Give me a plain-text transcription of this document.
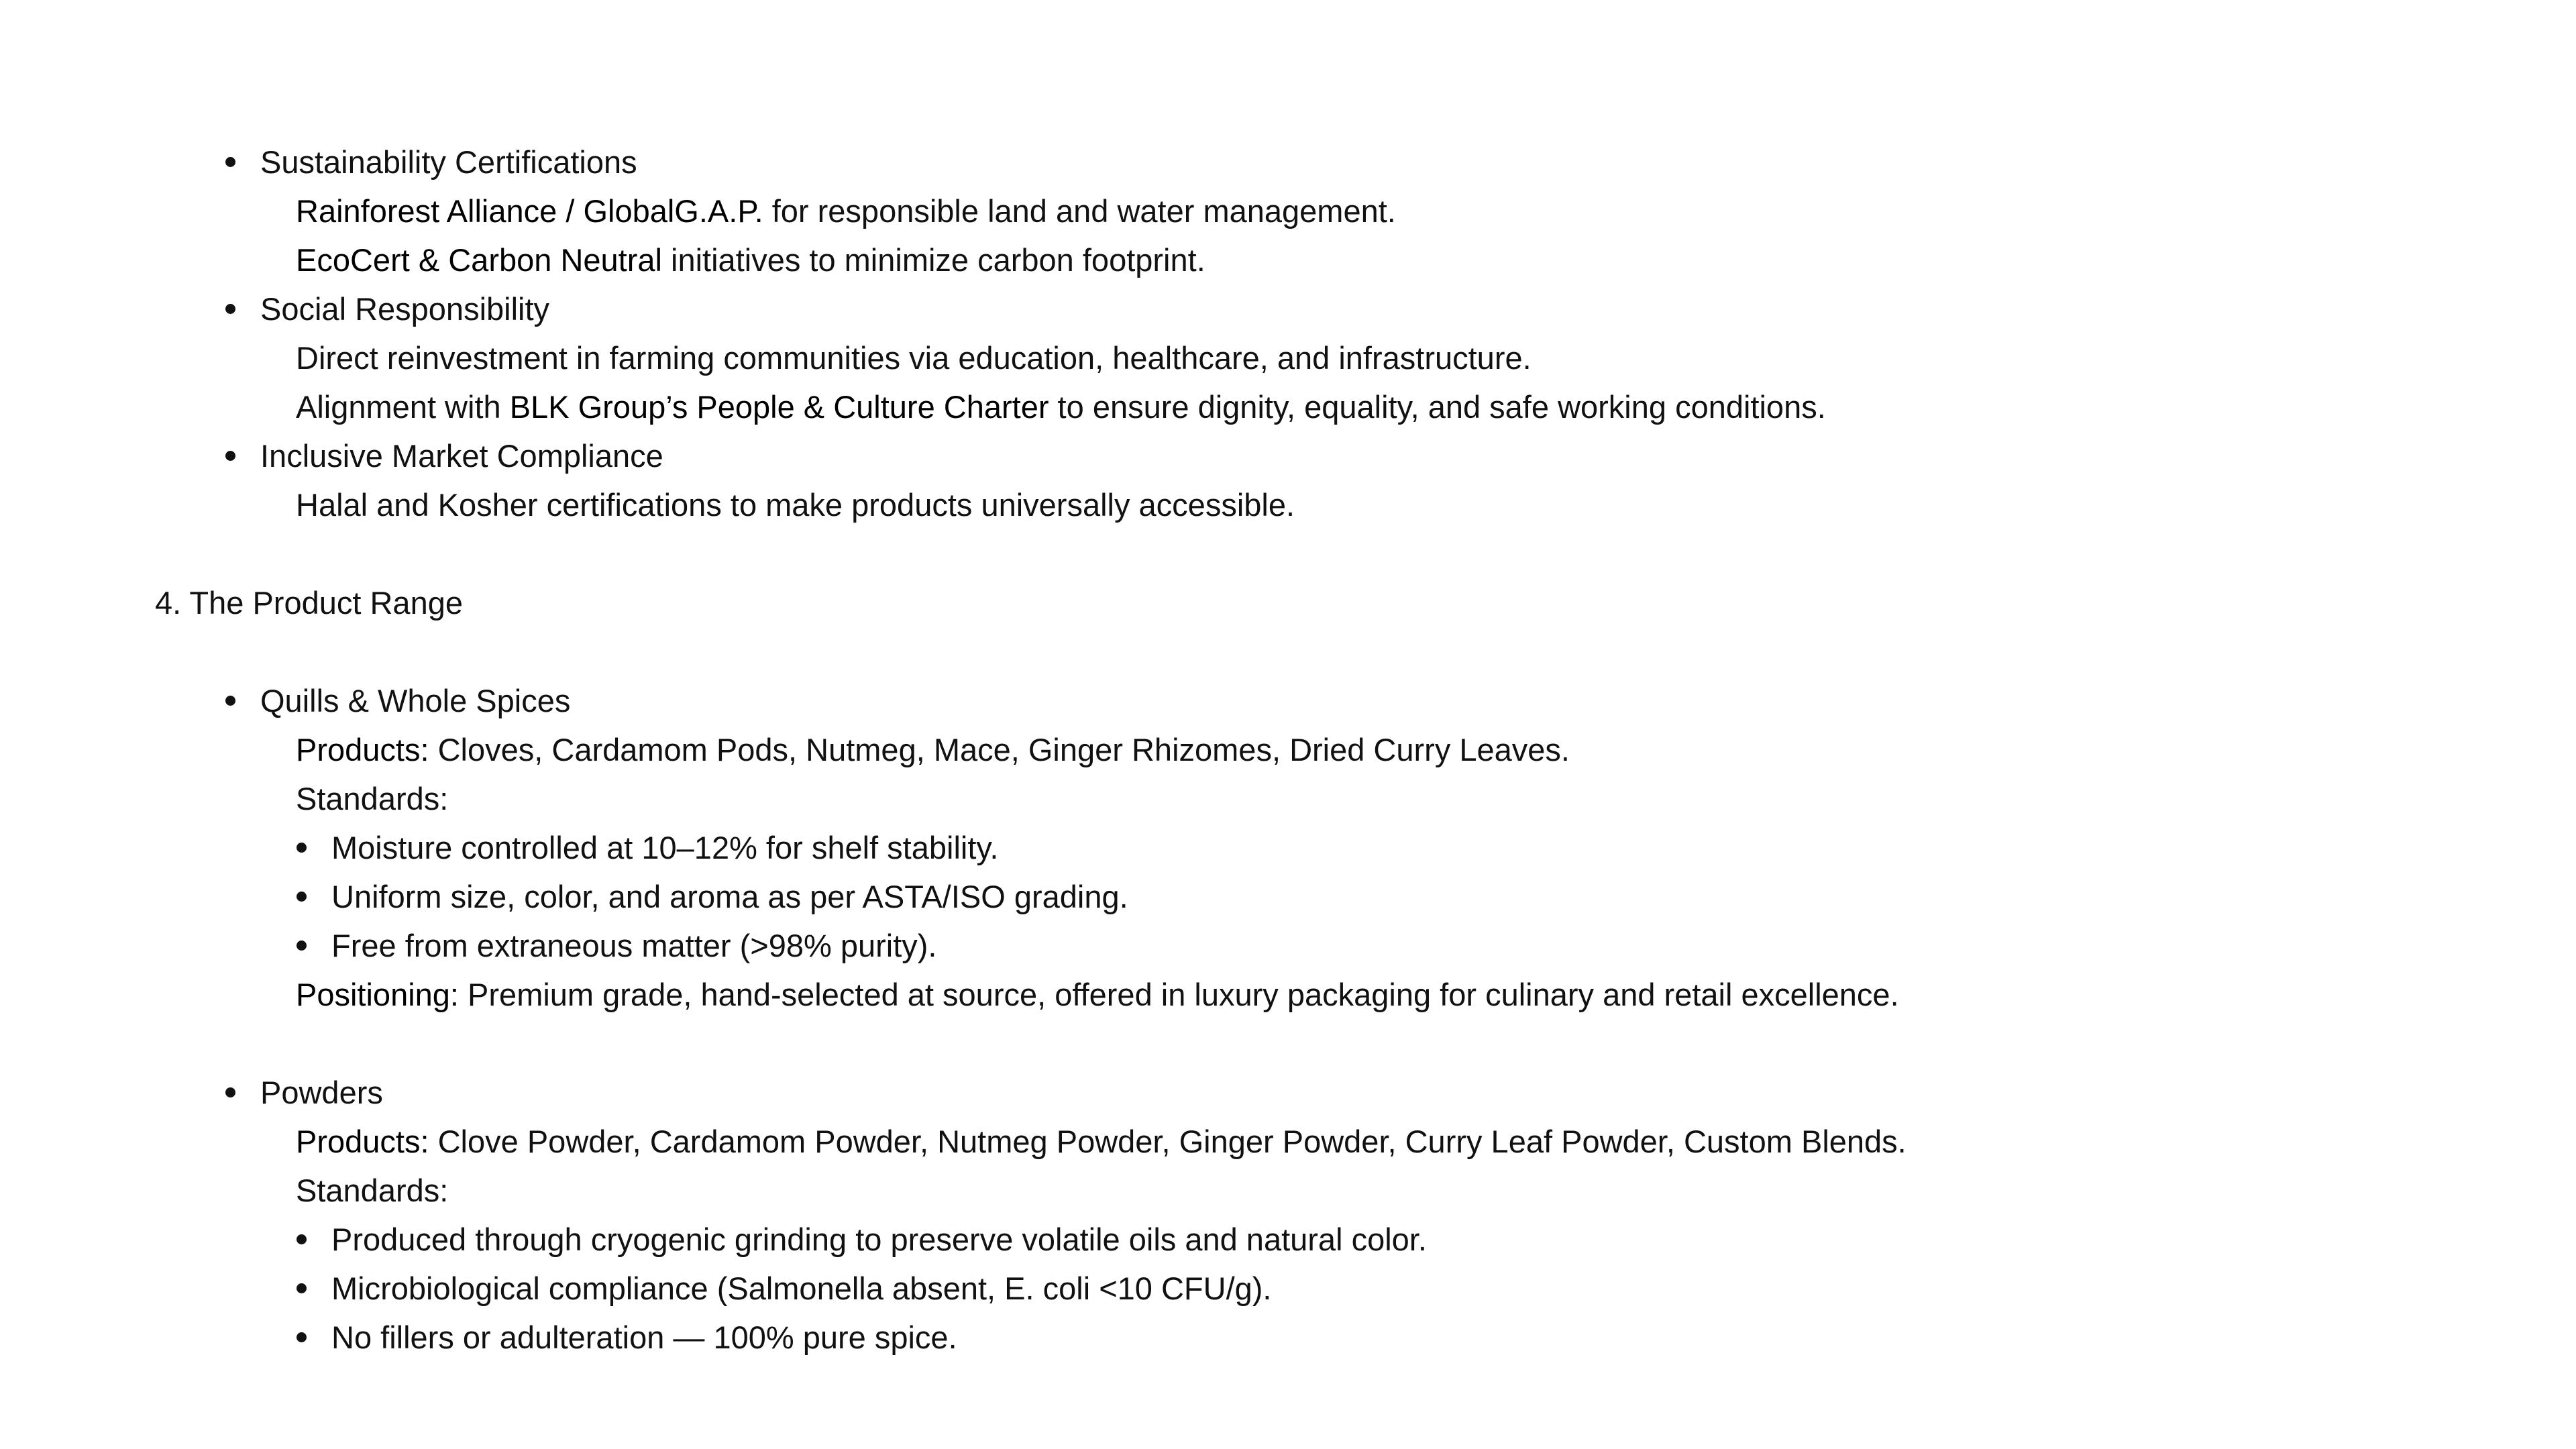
Sustainability Certifications
Rainforest Alliance / GlobalG.A.P. for responsible land and water management.
EcoCert & Carbon Neutral initiatives to minimize carbon footprint.
Social Responsibility
Direct reinvestment in farming communities via education, healthcare, and infrastructure.
Alignment with BLK Group’s People & Culture Charter to ensure dignity, equality, and safe working conditions.
Inclusive Market Compliance
Halal and Kosher certifications to make products universally accessible.
4. The Product Range
Quills & Whole Spices
Products: Cloves, Cardamom Pods, Nutmeg, Mace, Ginger Rhizomes, Dried Curry Leaves.
Standards:
Moisture controlled at 10–12% for shelf stability.
Uniform size, color, and aroma as per ASTA/ISO grading.
Free from extraneous matter (>98% purity).
Positioning: Premium grade, hand-selected at source, offered in luxury packaging for culinary and retail excellence.
Powders
Products: Clove Powder, Cardamom Powder, Nutmeg Powder, Ginger Powder, Curry Leaf Powder, Custom Blends.
Standards:
Produced through cryogenic grinding to preserve volatile oils and natural color.
Microbiological compliance (Salmonella absent, E. coli <10 CFU/g).
No fillers or adulteration — 100% pure spice.
